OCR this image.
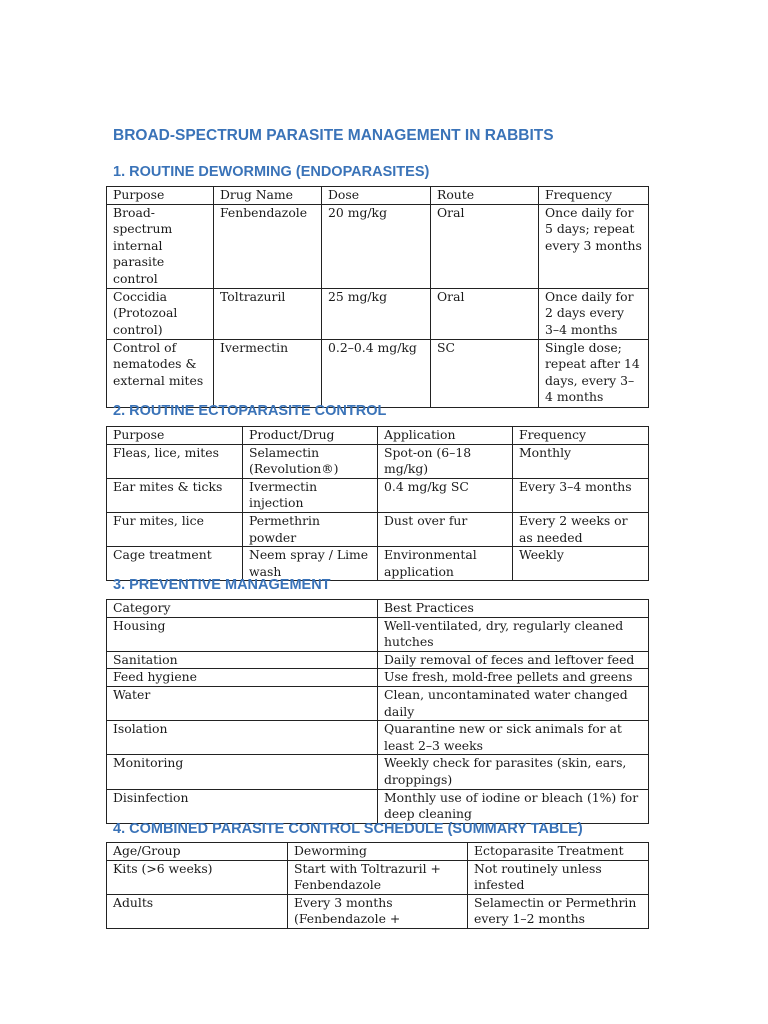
BROAD-SPECTRUM PARASITE MANAGEMENT IN RABBITS
1. ROUTINE DEWORMING (ENDOPARASITES)
Purpose	Drug Name	Dose	Route	Frequency
Broad-spectrum internal parasite control	Fenbendazole	20 mg/kg	Oral	Once daily for 5 days; repeat every 3 months
Coccidia (Protozoal control)	Toltrazuril	25 mg/kg	Oral	Once daily for 2 days every 3–4 months
Control of nematodes & external mites	Ivermectin	0.2–0.4 mg/kg	SC	Single dose; repeat after 14 days, every 3–4 months
2. ROUTINE ECTOPARASITE CONTROL
Purpose	Product/Drug	Application	Frequency
Fleas, lice, mites	Selamectin (Revolution®)	Spot-on (6–18 mg/kg)	Monthly
Ear mites & ticks	Ivermectin injection	0.4 mg/kg SC	Every 3–4 months
Fur mites, lice	Permethrin powder	Dust over fur	Every 2 weeks or as needed
Cage treatment	Neem spray / Lime wash	Environmental application	Weekly
3. PREVENTIVE MANAGEMENT
Category	Best Practices
Housing	Well-ventilated, dry, regularly cleaned hutches
Sanitation	Daily removal of feces and leftover feed
Feed hygiene	Use fresh, mold-free pellets and greens
Water	Clean, uncontaminated water changed daily
Isolation	Quarantine new or sick animals for at least 2–3 weeks
Monitoring	Weekly check for parasites (skin, ears, droppings)
Disinfection	Monthly use of iodine or bleach (1%) for deep cleaning
4. COMBINED PARASITE CONTROL SCHEDULE (SUMMARY TABLE)
Age/Group	Deworming	Ectoparasite Treatment
Kits (>6 weeks)	Start with Toltrazuril + Fenbendazole	Not routinely unless infested
Adults	Every 3 months (Fenbendazole +	Selamectin or Permethrin every 1–2 months
